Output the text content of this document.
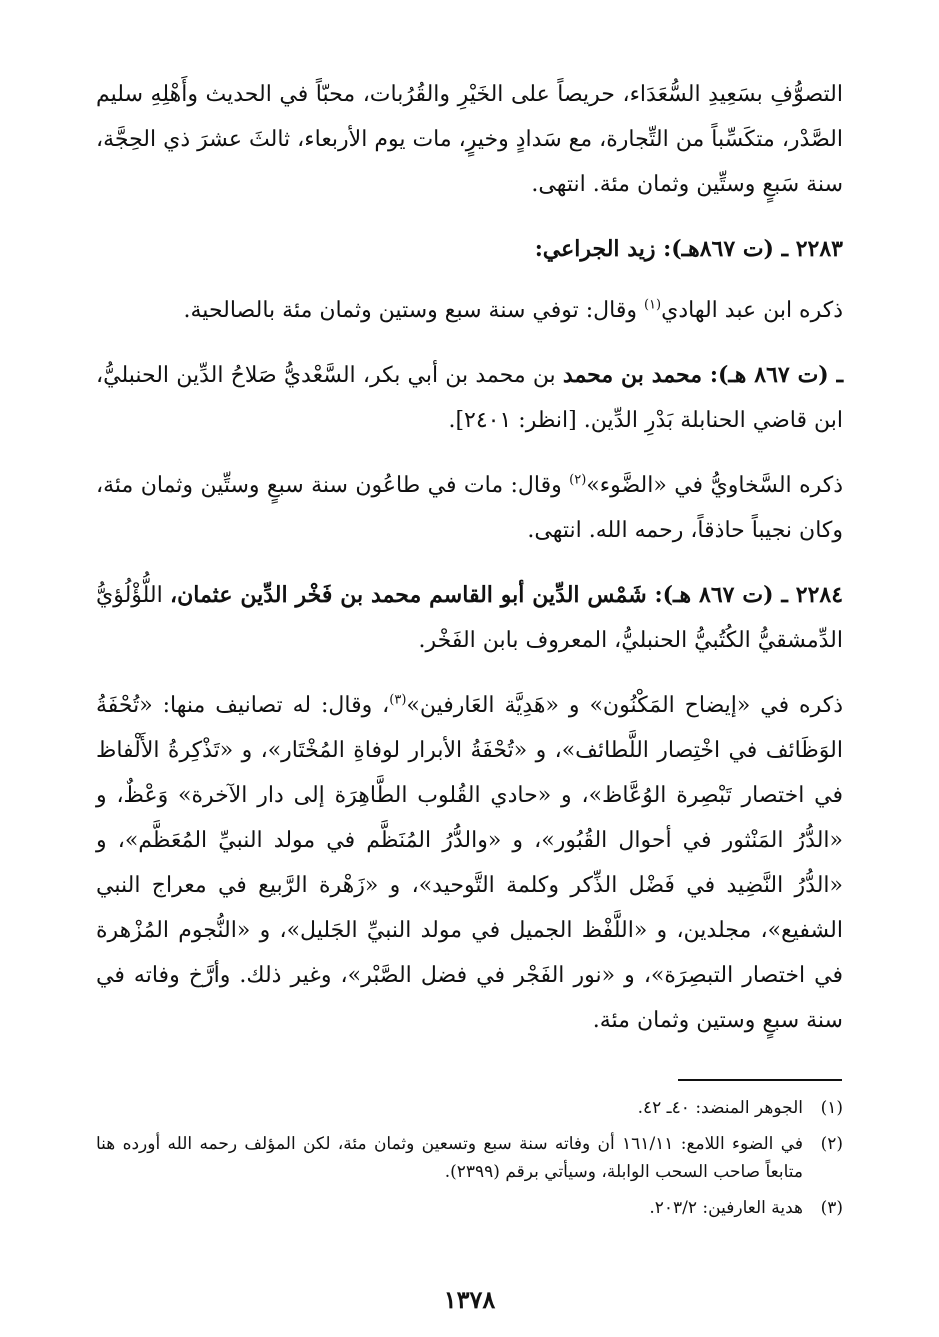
التصوُّفِ بسَعِيدِ السُّعَدَاء، حريصاً على الخَيْرِ والقُرُبات، محبّاً في الحديث وأَهْلِهِ سليم الصَّدْر، متكَسِّباً من التِّجارة، مع سَدادٍ وخيرٍ، مات يوم الأربعاء، ثالثَ عشرَ ذي الحِجَّة، سنة سَبعٍ وستِّين وثمان مئة. انتهى.

٢٢٨٣ ـ (ت ٨٦٧هـ): زيد الجراعي:

ذكره ابن عبد الهادي$^{(١)}$ وقال: توفي سنة سبع وستين وثمان مئة بالصالحية.

ـ (ت ٨٦٧ هـ): محمد بن محمد بن محمد بن أبي بكر، السَّعْديُّ صَلاحُ الدِّين الحنبليُّ، ابن قاضي الحنابلة بَدْرِ الدِّين. [انظر: ٢٤٠١].

ذكره السَّخاويُّ في «الضَّوء»$^{(٢)}$ وقال: مات في طاعُون سنة سبعٍ وستِّين وثمان مئة، وكان نجيباً حاذقاً، رحمه الله. انتهى.

٢٢٨٤ ـ (ت ٨٦٧ هـ): شَمْس الدِّين أبو القاسم محمد بن فَخْر الدِّين عثمان، اللُّؤْلُؤيُّ الدِّمشقيُّ الكُتُبيُّ الحنبليُّ، المعروف بابن الفَخْر.

ذكره في «إيضاح المَكْنُون» و «هَدِيَّة العَارفين»$^{(٣)}$، وقال: له تصانيف منها: «تُحْفَةُ الوَظَائف في اخْتِصار اللَّطائف»، و «تُحْفَةُ الأبرار لوفاةِ المُخْتَار»، و «تَذْكِرةُ الأَلْفاظ في اختصار تَبْصِرة الوُعَّاظ»، و «حادي القُلوب الطَّاهِرَة إلى دار الآخرة» وَعْظٌ، و «الدُّرُ المَنْثور في أحوال القُبُور»، و «والدُّرُ المُنَظَّم في مولد النبيِّ المُعَظَّم»، و «الدُّرُ النَّضِيد في فَضْل الذِّكر وكلمة التَّوحيد»، و «زَهْرة الرَّبيع في معراج النبي الشفيع»، مجلدين، و «اللَّفْظ الجميل في مولد النبيِّ الجَليل»، و «النُّجوم المُزْهرة في اختصار التبصِرَة»، و «نور الفَجْر في فضل الصَّبْر»، وغير ذلك. وأرَّخ وفاته في سنة سبعٍ وستين وثمان مئة.

(١)
الجوهر المنضد: ٤٠ـ ٤٢.
(٢)
في الضوء اللامع: ١٦١/١١ أن وفاته سنة سبع وتسعين وثمان مئة، لكن المؤلف رحمه الله أورده هنا متابعاً صاحب السحب الوابلة، وسيأتي برقم (٢٣٩٩).
(٣)
هدية العارفين: ٢٠٣/٢.
١٣٧٨
